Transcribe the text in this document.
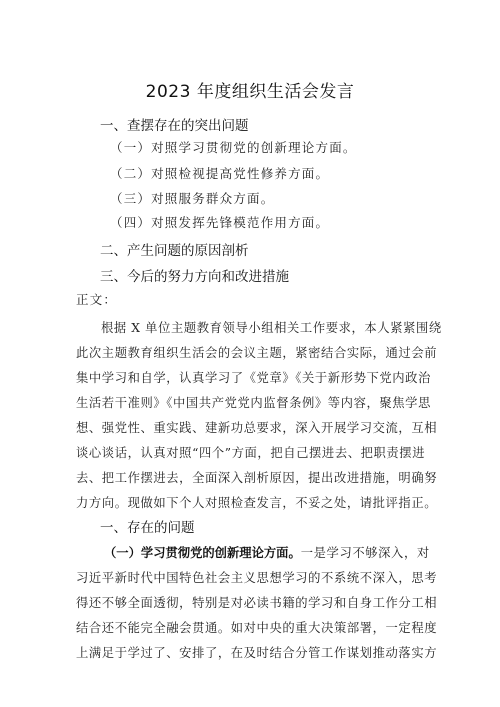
2023 年度组织生活会发言
一、查摆存在的突出问题
（一）对照学习贯彻党的创新理论方面。
（二）对照检视提高党性修养方面。
（三）对照服务群众方面。
（四）对照发挥先锋模范作用方面。
二、产生问题的原因剖析
三、今后的努力方向和改进措施
正文：
根据 X 单位主题教育领导小组相关工作要求，本人紧紧围绕
此次主题教育组织生活会的会议主题，紧密结合实际，通过会前
集中学习和自学，认真学习了《党章》《关于新形势下党内政治
生活若干准则》《中国共产党党内监督条例》等内容，聚焦学思
想、强党性、重实践、建新功总要求，深入开展学习交流，互相
谈心谈话，认真对照“四个”方面，把自己摆进去、把职责摆进
去、把工作摆进去，全面深入剖析原因，提出改进措施，明确努
力方向。现做如下个人对照检查发言，不妥之处，请批评指正。
一、存在的问题
（一）学习贯彻党的创新理论方面。一是学习不够深入，对
习近平新时代中国特色社会主义思想学习的不系统不深入，思考
得还不够全面透彻，特别是对必读书籍的学习和自身工作分工相
结合还不能完全融会贯通。如对中央的重大决策部署，一定程度
上满足于学过了、安排了，在及时结合分管工作谋划推动落实方
